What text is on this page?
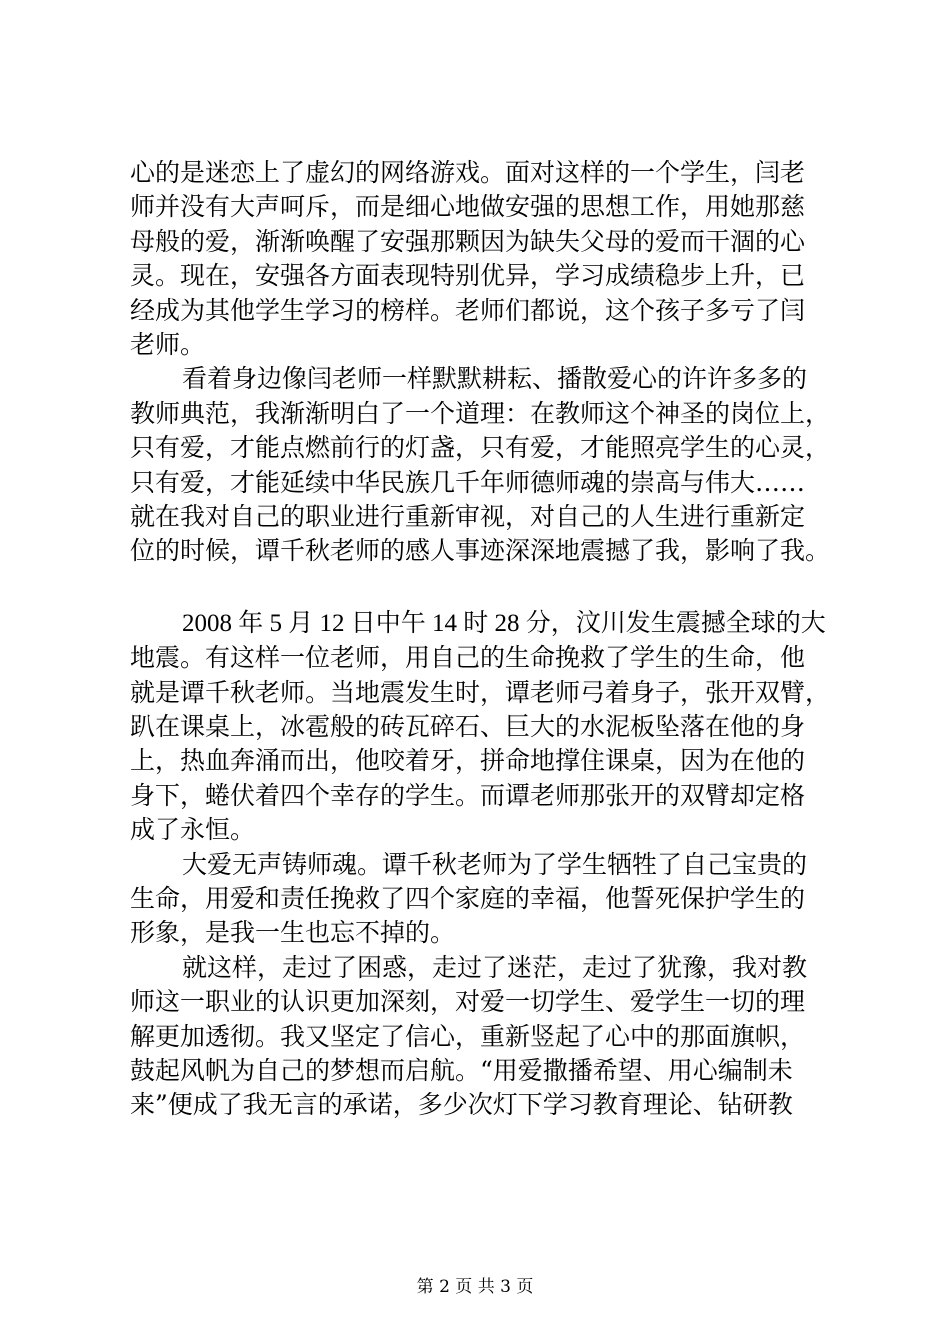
心的是迷恋上了虚幻的网络游戏。面对这样的一个学生，闫老
师并没有大声呵斥，而是细心地做安强的思想工作，用她那慈
母般的爱，渐渐唤醒了安强那颗因为缺失父母的爱而干涸的心
灵。现在，安强各方面表现特别优异，学习成绩稳步上升，已
经成为其他学生学习的榜样。老师们都说，这个孩子多亏了闫
老师。
看着身边像闫老师一样默默耕耘、播散爱心的许许多多的
教师典范，我渐渐明白了一个道理：在教师这个神圣的岗位上，
只有爱，才能点燃前行的灯盏，只有爱，才能照亮学生的心灵，
只有爱，才能延续中华民族几千年师德师魂的崇高与伟大……
就在我对自己的职业进行重新审视，对自己的人生进行重新定
位的时候，谭千秋老师的感人事迹深深地震撼了我，影响了我。
2008 年 5 月 12 日中午 14 时 28 分，汶川发生震撼全球的大
地震。有这样一位老师，用自己的生命挽救了学生的生命，他
就是谭千秋老师。当地震发生时，谭老师弓着身子，张开双臂，
趴在课桌上，冰雹般的砖瓦碎石、巨大的水泥板坠落在他的身
上，热血奔涌而出，他咬着牙，拼命地撑住课桌，因为在他的
身下，蜷伏着四个幸存的学生。而谭老师那张开的双臂却定格
成了永恒。
大爱无声铸师魂。谭千秋老师为了学生牺牲了自己宝贵的
生命，用爱和责任挽救了四个家庭的幸福，他誓死保护学生的
形象，是我一生也忘不掉的。
就这样，走过了困惑，走过了迷茫，走过了犹豫，我对教
师这一职业的认识更加深刻，对爱一切学生、爱学生一切的理
解更加透彻。我又坚定了信心，重新竖起了心中的那面旗帜，
鼓起风帆为自己的梦想而启航。“用爱撒播希望、用心编制未
来”便成了我无言的承诺，多少次灯下学习教育理论、钻研教
第 2 页 共 3 页
